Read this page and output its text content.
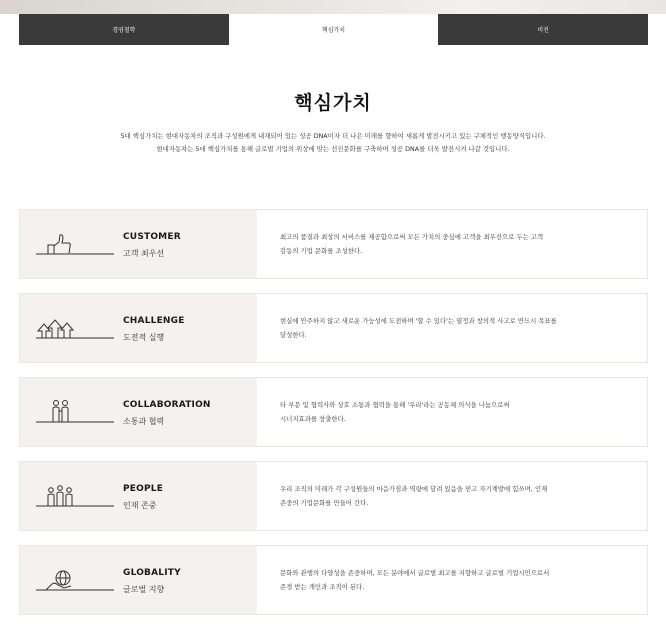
경영철학	핵심가치	비전
핵심가치
5대 핵심가치는 현대자동차의 조직과 구성원에게 내재되어 있는 성공 DNA이자 더 나은 미래를 향하여 새롭게 발전시키고 있는 구체적인 행동양식입니다.
현대자동차는 5대 핵심가치를 통해 글로벌 기업의 위상에 맞는 선진문화를 구축하며 성공 DNA를 더욱 발전시켜 나갈 것입니다.
CUSTOMER
고객 최우선
최고의 품질과 최상의 서비스를 제공함으로써 모든 가치의 중심에 고객을 최우선으로 두는 고객
감동의 기업 문화를 조성한다.
CHALLENGE
도전적 실행
현실에 안주하지 않고 새로운 가능성에 도전하며 '할 수 있다'는 열정과 창의적 사고로 반드시 목표를
달성한다.
COLLABORATION
소통과 협력
타 부문 및 협력사와 상호 소통과 협력을 통해 '우리'라는 공동체 의식을 나눔으로써
시너지효과를 창출한다.
PEOPLE
인재 존중
우리 조직의 미래가 각 구성원들의 마음가짐과 역량에 달려 있음을 믿고 자기계발에 힘쓰며, 인재
존중의 기업문화를 만들어 간다.
GLOBALITY
글로벌 지향
문화와 관행의 다양성을 존중하며, 모든 분야에서 글로벌 최고를 지향하고 글로벌 기업시민으로서
존경 받는 개인과 조직이 된다.
